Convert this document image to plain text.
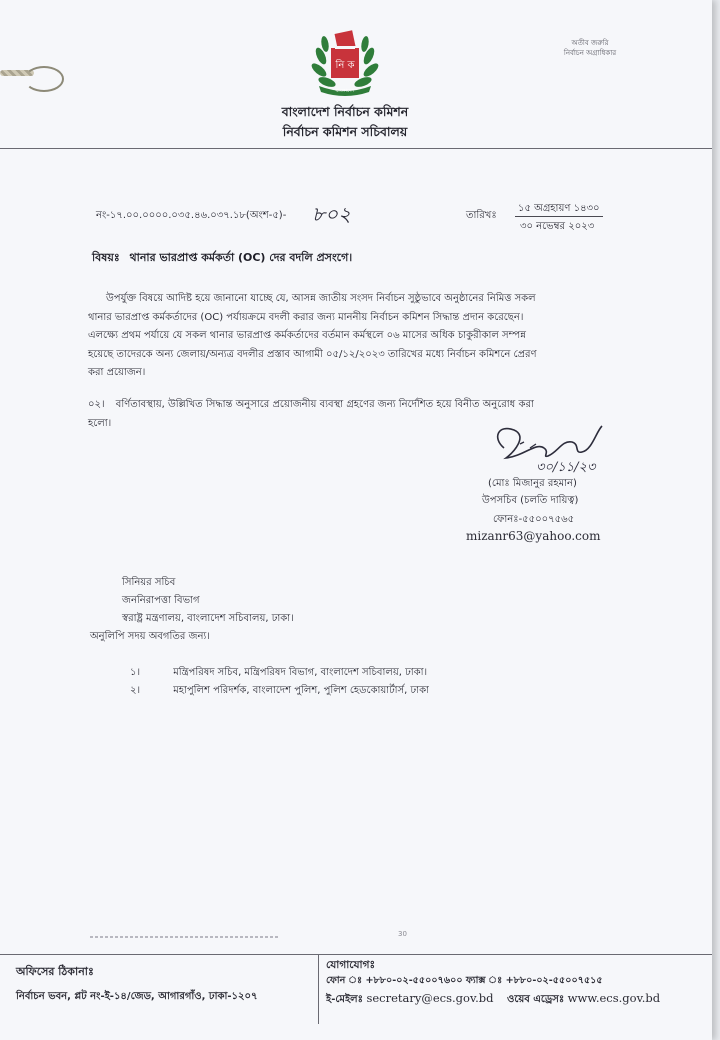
অতীব জরুরি
নির্বাচন অগ্রাধিকার
নি ক
বাংলাদেশ
বাংলাদেশ নির্বাচন কমিশন
নির্বাচন কমিশন সচিবালয়
নং-১৭.০০.০০০০.০৩৫.৪৬.০৩৭.১৮(অংশ-৫)- ৮০২	তারিখঃ
১৫ অগ্রহায়ণ ১৪৩০
৩০ নভেম্বর ২০২৩
বিষয়ঃ থানার ভারপ্রাপ্ত কর্মকর্তা (OC) দের বদলি প্রসংগে।
উপর্যুক্ত বিষয়ে আদিষ্ট হয়ে জানানো যাচ্ছে যে, আসন্ন জাতীয় সংসদ নির্বাচন সুষ্ঠুভাবে অনুষ্ঠানের নিমিত্ত সকল
থানার ভারপ্রাপ্ত কর্মকর্তাদের (OC) পর্যায়ক্রমে বদলী করার জন্য মাননীয় নির্বাচন কমিশন সিদ্ধান্ত প্রদান করেছেন।
এলক্ষ্যে প্রথম পর্যায়ে যে সকল থানার ভারপ্রাপ্ত কর্মকর্তাদের বর্তমান কর্মস্থলে ০৬ মাসের অধিক চাকুরীকাল সম্পন্ন
হয়েছে তাদেরকে অন্য জেলায়/অন্যত্র বদলীর প্রস্তাব আগামী ০৫/১২/২০২৩ তারিখের মধ্যে নির্বাচন কমিশনে প্রেরণ
করা প্রয়োজন।
০২। বর্ণিতাবস্থায়, উল্লিখিত সিদ্ধান্ত অনুসারে প্রয়োজনীয় ব্যবস্থা গ্রহণের জন্য নির্দেশিত হয়ে বিনীত অনুরোধ করা
হলো।
৩০/১১/২৩
(মোঃ মিজানুর রহমান)
উপসচিব (চলতি দায়িত্ব)
ফোনঃ-৫৫০০৭৫৬৫
mizanr63@yahoo.com
সিনিয়র সচিব
জননিরাপত্তা বিভাগ
স্বরাষ্ট্র মন্ত্রণালয়, বাংলাদেশ সচিবালয়, ঢাকা।
অনুলিপি সদয় অবগতির জন্য।
১।	মন্ত্রিপরিষদ সচিব, মন্ত্রিপরিষদ বিভাগ, বাংলাদেশ সচিবালয়, ঢাকা।
২।	মহাপুলিশ পরিদর্শক, বাংলাদেশ পুলিশ, পুলিশ হেডকোয়ার্টার্স, ঢাকা
30
অফিসের ঠিকানাঃ
নির্বাচন ভবন, প্লট নং-ই-১৪/জেড, আগারগাঁও, ঢাকা-১২০৭
যোগাযোগঃ
ফোন ঃ +৮৮০-০২-৫৫০০৭৬০০ ফ্যাক্স ঃ +৮৮০-০২-৫৫০০৭৫১৫
ই-মেইলঃ secretary@ecs.gov.bd ওয়েব এড্রেসঃ www.ecs.gov.bd
